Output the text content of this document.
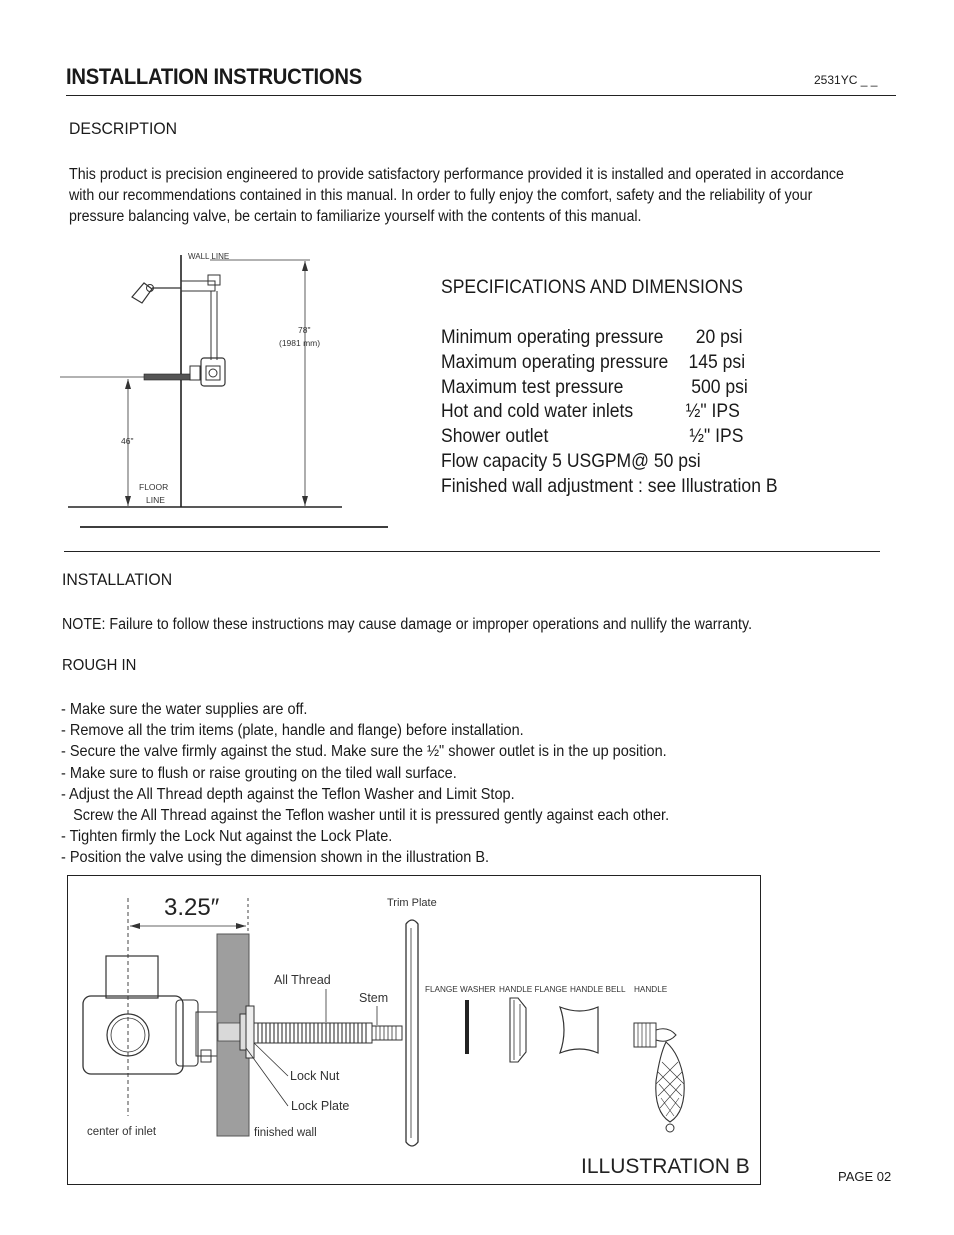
INSTALLATION INSTRUCTIONS	2531YC _ _
DESCRIPTION
This product is precision engineered to provide satisfactory performance provided it is installed and operated in accordance with our recommendations contained in this manual. In order to fully enjoy the comfort, safety and the reliability of your pressure balancing valve, be certain to familiarize yourself with the contents of this manual.
WALL LINE
46"
78"
(1981 mm)
FLOOR
LINE
SPECIFICATIONS AND DIMENSIONS
Minimum operating pressure 20 psi
Maximum operating pressure 145 psi
Maximum test pressure	500 psi
Hot and cold water inlets	½" IPS
Shower outlet	½" IPS
Flow capacity 5 USGPM@ 50 psi
Finished wall adjustment : see Illustration B
INSTALLATION
NOTE: Failure to follow these instructions may cause damage or improper operations and nullify the warranty.
ROUGH IN
- Make sure the water supplies are off.
- Remove all the trim items (plate, handle and flange) before installation.
- Secure the valve firmly against the stud. Make sure the ½" shower outlet is in the up position.
- Make sure to flush or raise grouting on the tiled wall surface.
- Adjust the All Thread depth against the Teflon Washer and Limit Stop.
Screw the All Thread against the Teflon washer until it is pressured gently against each other.
- Tighten firmly the Lock Nut against the Lock Plate.
- Position the valve using the dimension shown in the illustration B.
3.25″	Trim Plate
All Thread
Stem
Lock Nut
Lock Plate
center of inlet	finished wall
FLANGE WASHER HANDLE FLANGE HANDLE BELL HANDLE
ILLUSTRATION B	PAGE 02
